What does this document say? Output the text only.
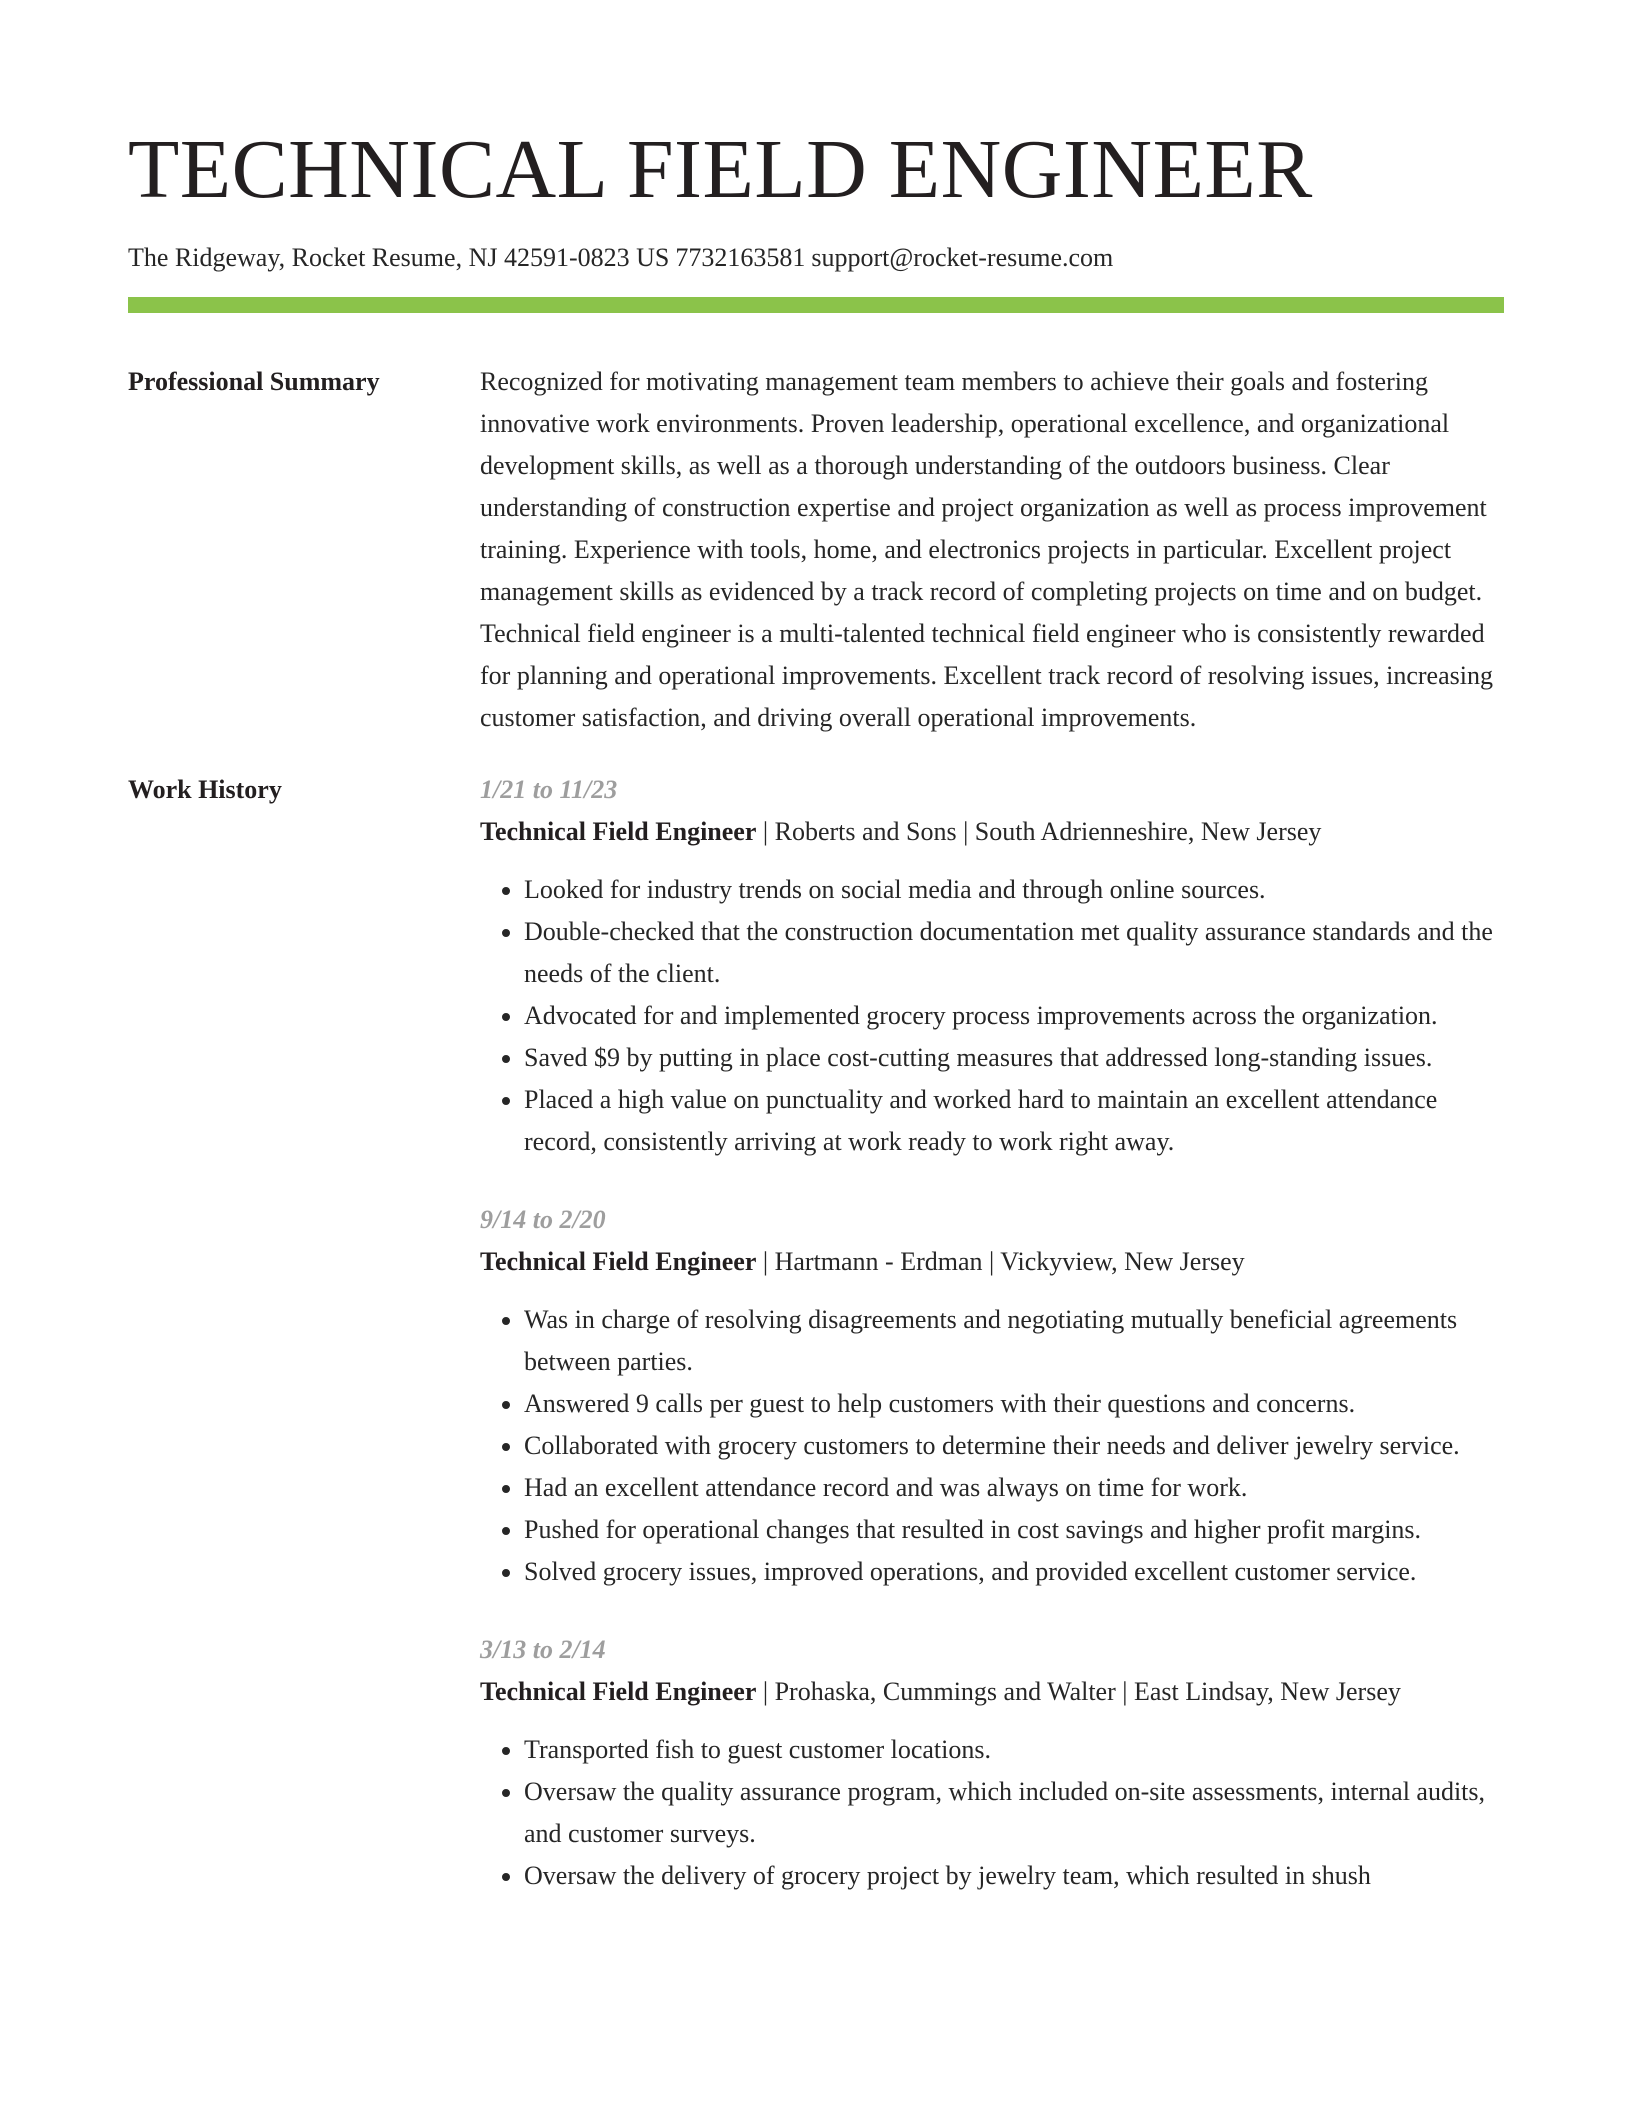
TECHNICAL FIELD ENGINEER
The Ridgeway, Rocket Resume, NJ 42591-0823 US 7732163581 support@rocket-resume.com
Professional Summary	Recognized for motivating management team members to achieve their goals and fostering innovative work environments. Proven leadership, operational excellence, and organizational development skills, as well as a thorough understanding of the outdoors business. Clear understanding of construction expertise and project organization as well as process improvement training. Experience with tools, home, and electronics projects in particular. Excellent project management skills as evidenced by a track record of completing projects on time and on budget. Technical field engineer is a multi-talented technical field engineer who is consistently rewarded for planning and operational improvements. Excellent track record of resolving issues, increasing customer satisfaction, and driving overall operational improvements.

Work History	1/21 to 11/23
Technical Field Engineer | Roberts and Sons | South Adrienneshire, New Jersey
• Looked for industry trends on social media and through online sources.
• Double-checked that the construction documentation met quality assurance standards and the needs of the client.
• Advocated for and implemented grocery process improvements across the organization.
• Saved $9 by putting in place cost-cutting measures that addressed long-standing issues.
• Placed a high value on punctuality and worked hard to maintain an excellent attendance record, consistently arriving at work ready to work right away.
9/14 to 2/20
Technical Field Engineer | Hartmann - Erdman | Vickyview, New Jersey
• Was in charge of resolving disagreements and negotiating mutually beneficial agreements between parties.
• Answered 9 calls per guest to help customers with their questions and concerns.
• Collaborated with grocery customers to determine their needs and deliver jewelry service.
• Had an excellent attendance record and was always on time for work.
• Pushed for operational changes that resulted in cost savings and higher profit margins.
• Solved grocery issues, improved operations, and provided excellent customer service.
3/13 to 2/14
Technical Field Engineer | Prohaska, Cummings and Walter | East Lindsay, New Jersey
• Transported fish to guest customer locations.
• Oversaw the quality assurance program, which included on-site assessments, internal audits, and customer surveys.
• Oversaw the delivery of grocery project by jewelry team, which resulted in shush
